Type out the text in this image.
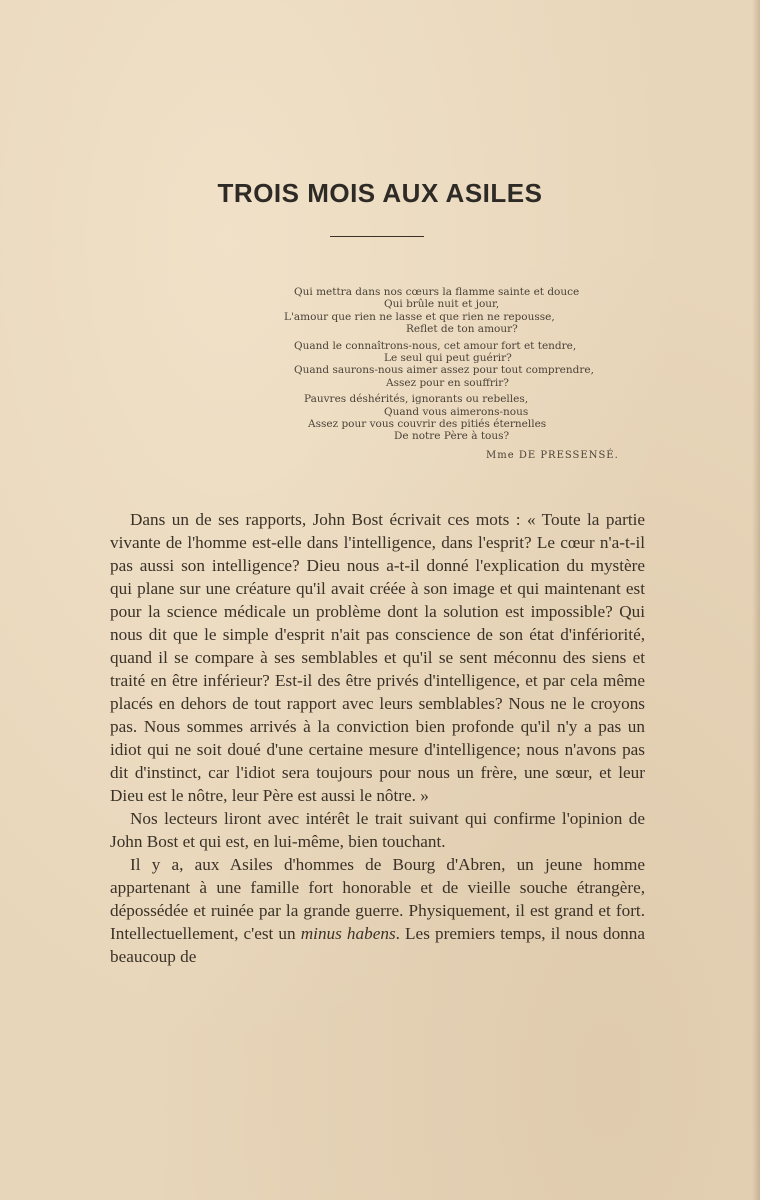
TROIS MOIS AUX ASILES
Qui mettra dans nos cœurs la flamme sainte et douce
Qui brûle nuit et jour,
L'amour que rien ne lasse et que rien ne repousse,
Reflet de ton amour?
Quand le connaîtrons-nous, cet amour fort et tendre,
Le seul qui peut guérir?
Quand saurons-nous aimer assez pour tout comprendre,
Assez pour en souffrir?
Pauvres déshérités, ignorants ou rebelles,
Quand vous aimerons-nous
Assez pour vous couvrir des pitiés éternelles
De notre Père à tous?
Mme DE PRESSENSÉ.

Dans un de ses rapports, John Bost écrivait ces mots : « Toute la partie vivante de l'homme est-elle dans l'intelligence, dans l'esprit? Le cœur n'a-t-il pas aussi son intelligence? Dieu nous a-t-il donné l'explication du mystère qui plane sur une créature qu'il avait créée à son image et qui maintenant est pour la science médicale un problème dont la solution est impossible? Qui nous dit que le simple d'esprit n'ait pas conscience de son état d'infériorité, quand il se compare à ses semblables et qu'il se sent méconnu des siens et traité en être inférieur? Est-il des être privés d'intelligence, et par cela même placés en dehors de tout rapport avec leurs semblables? Nous ne le croyons pas. Nous sommes arrivés à la conviction bien profonde qu'il n'y a pas un idiot qui ne soit doué d'une certaine mesure d'intelligence; nous n'avons pas dit d'instinct, car l'idiot sera toujours pour nous un frère, une sœur, et leur Dieu est le nôtre, leur Père est aussi le nôtre. »

Nos lecteurs liront avec intérêt le trait suivant qui confirme l'opinion de John Bost et qui est, en lui-même, bien touchant.

Il y a, aux Asiles d'hommes de Bourg d'Abren, un jeune homme appartenant à une famille fort honorable et de vieille souche étrangère, dépossédée et ruinée par la grande guerre. Physiquement, il est grand et fort. Intellectuellement, c'est un minus habens. Les premiers temps, il nous donna beaucoup de
